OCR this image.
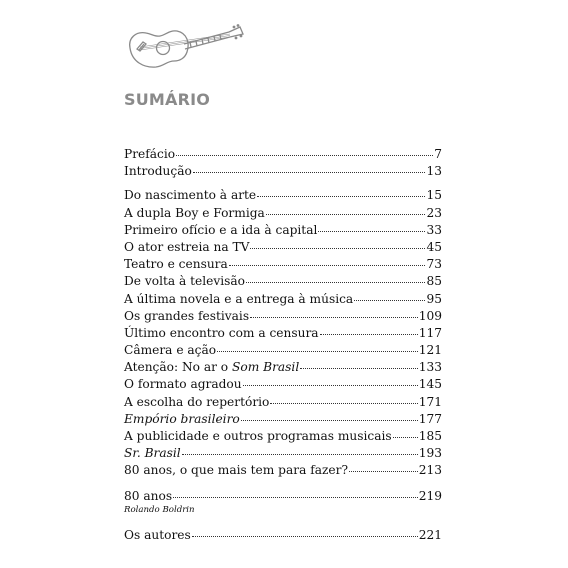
SUMÁRIO
Prefácio	7
Introdução	13
Do nascimento à arte	15
A dupla Boy e Formiga	23
Primeiro ofício e a ida à capital	33
O ator estreia na TV	45
Teatro e censura	73
De volta à televisão	85
A última novela e a entrega à música	95
Os grandes festivais	109
Último encontro com a censura	117
Câmera e ação	121
Atenção: No ar o Som Brasil	133
O formato agradou	145
A escolha do repertório	171
Empório brasileiro	177
A publicidade e outros programas musicais 185
Sr. Brasil	193
80 anos, o que mais tem para fazer?	213
80 anos	219
Rolando Boldrin
Os autores	221
